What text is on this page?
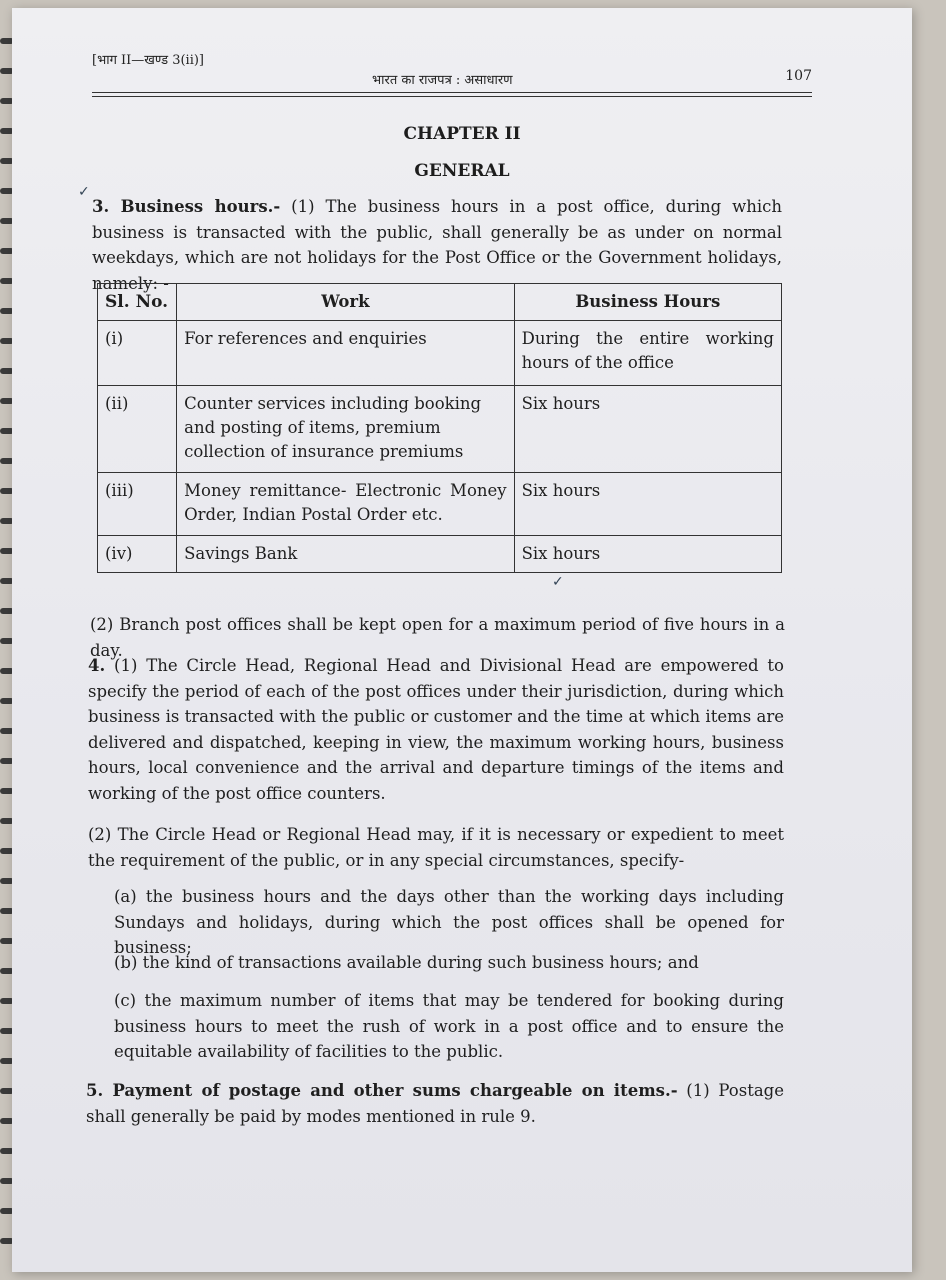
[भाग II—खण्ड 3(ii)]
भारत का राजपत्र : असाधारण	107
CHAPTER II
GENERAL
✓
3. Business hours.- (1) The business hours in a post office, during which business is transacted with the public, shall generally be as under on normal weekdays, which are not holidays for the Post Office or the Government holidays, namely: -
Sl. No.	Work	Business Hours
(i)	For references and enquiries	During the entire working hours of the office
(ii)	Counter services including booking and posting of items, premium collection of insurance premiums	Six hours
(iii)	Money remittance- Electronic Money Order, Indian Postal Order etc.	Six hours
(iv)	Savings Bank	Six hours
✓
(2) Branch post offices shall be kept open for a maximum period of five hours in a day.
4. (1) The Circle Head, Regional Head and Divisional Head are empowered to specify the period of each of the post offices under their jurisdiction, during which business is transacted with the public or customer and the time at which items are delivered and dispatched, keeping in view, the maximum working hours, business hours, local convenience and the arrival and departure timings of the items and working of the post office counters.
(2) The Circle Head or Regional Head may, if it is necessary or expedient to meet the requirement of the public, or in any special circumstances, specify-
(a) the business hours and the days other than the working days including Sundays and holidays, during which the post offices shall be opened for business;
(b) the kind of transactions available during such business hours; and
(c) the maximum number of items that may be tendered for booking during business hours to meet the rush of work in a post office and to ensure the equitable availability of facilities to the public.
5. Payment of postage and other sums chargeable on items.- (1) Postage shall generally be paid by modes mentioned in rule 9.
